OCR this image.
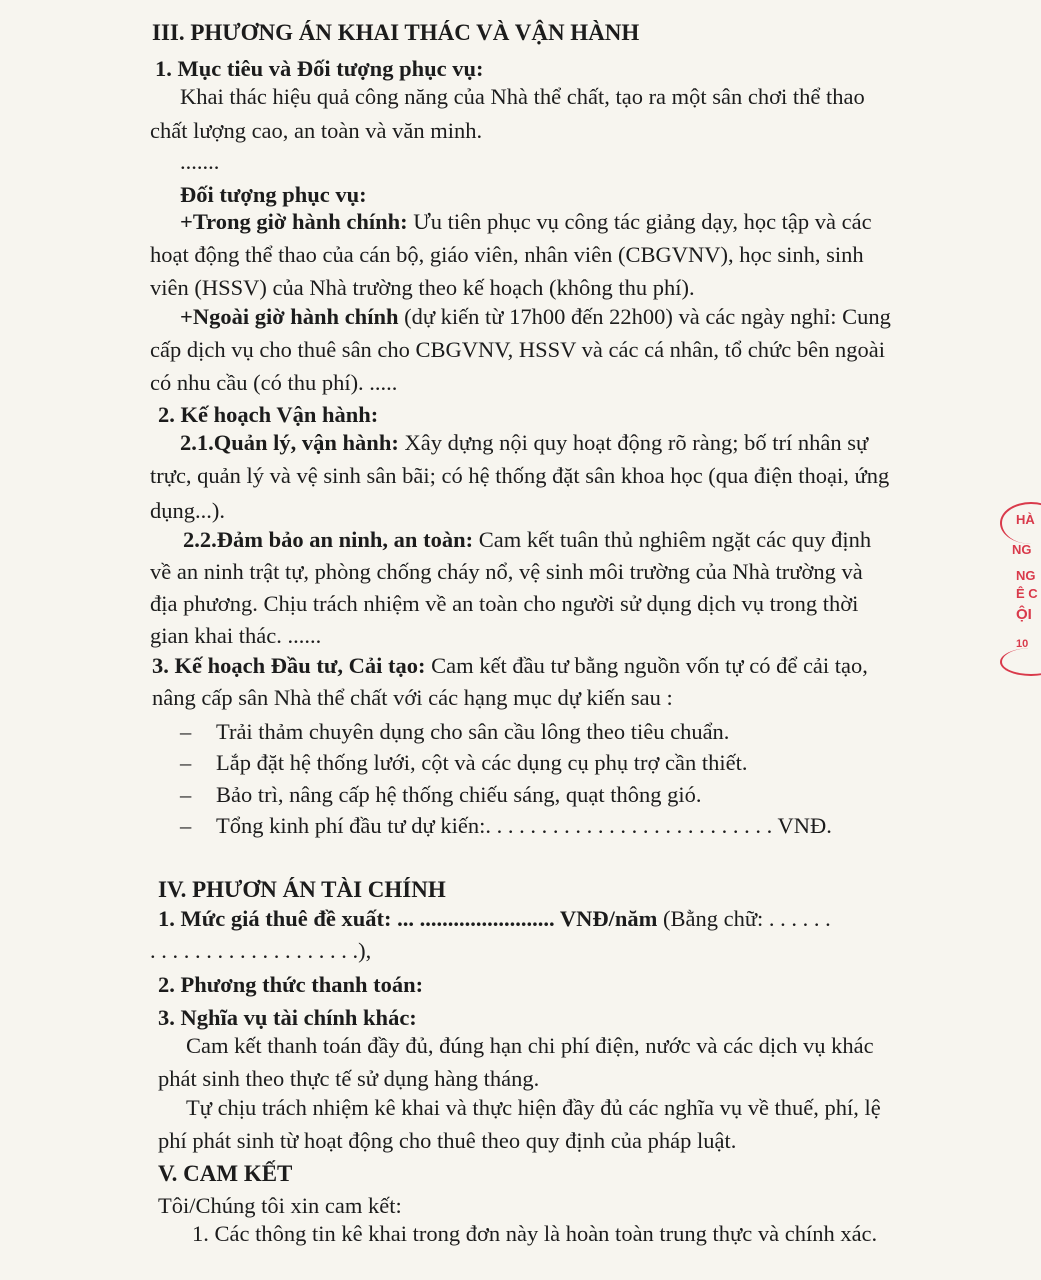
III. PHƯƠNG ÁN KHAI THÁC VÀ VẬN HÀNH
1. Mục tiêu và Đối tượng phục vụ:
Khai thác hiệu quả công năng của Nhà thể chất, tạo ra một sân chơi thể thao
chất lượng cao, an toàn và văn minh.
.......
Đối tượng phục vụ:
+Trong giờ hành chính: Ưu tiên phục vụ công tác giảng dạy, học tập và các
hoạt động thể thao của cán bộ, giáo viên, nhân viên (CBGVNV), học sinh, sinh
viên (HSSV) của Nhà trường theo kế hoạch (không thu phí).
+Ngoài giờ hành chính (dự kiến từ 17h00 đến 22h00) và các ngày nghỉ: Cung
cấp dịch vụ cho thuê sân cho CBGVNV, HSSV và các cá nhân, tổ chức bên ngoài
có nhu cầu (có thu phí). .....
2. Kế hoạch Vận hành:
2.1.Quản lý, vận hành: Xây dựng nội quy hoạt động rõ ràng; bố trí nhân sự
trực, quản lý và vệ sinh sân bãi; có hệ thống đặt sân khoa học (qua điện thoại, ứng
dụng...).
2.2.Đảm bảo an ninh, an toàn: Cam kết tuân thủ nghiêm ngặt các quy định
về an ninh trật tự, phòng chống cháy nổ, vệ sinh môi trường của Nhà trường và
địa phương. Chịu trách nhiệm về an toàn cho người sử dụng dịch vụ trong thời
gian khai thác. ......
3. Kế hoạch Đầu tư, Cải tạo: Cam kết đầu tư bằng nguồn vốn tự có để cải tạo,
nâng cấp sân Nhà thể chất với các hạng mục dự kiến sau :
– Trải thảm chuyên dụng cho sân cầu lông theo tiêu chuẩn.
– Lắp đặt hệ thống lưới, cột và các dụng cụ phụ trợ cần thiết.
– Bảo trì, nâng cấp hệ thống chiếu sáng, quạt thông gió.
– Tổng kinh phí đầu tư dự kiến:. . . . . . . . . . . . . . . . . . . . . . . . . . VNĐ.
IV. PHƯƠN ÁN TÀI CHÍNH
1. Mức giá thuê đề xuất: ... ........................ VNĐ/năm (Bằng chữ: . . . . . .
. . . . . . . . . . . . . . . . . . .),
2. Phương thức thanh toán:
3. Nghĩa vụ tài chính khác:
Cam kết thanh toán đầy đủ, đúng hạn chi phí điện, nước và các dịch vụ khác
phát sinh theo thực tế sử dụng hàng tháng.
Tự chịu trách nhiệm kê khai và thực hiện đầy đủ các nghĩa vụ về thuế, phí, lệ
phí phát sinh từ hoạt động cho thuê theo quy định của pháp luật.
V. CAM KẾT
Tôi/Chúng tôi xin cam kết:
1. Các thông tin kê khai trong đơn này là hoàn toàn trung thực và chính xác.
HÀ
NG
NG
Ê C
ỘI
10
